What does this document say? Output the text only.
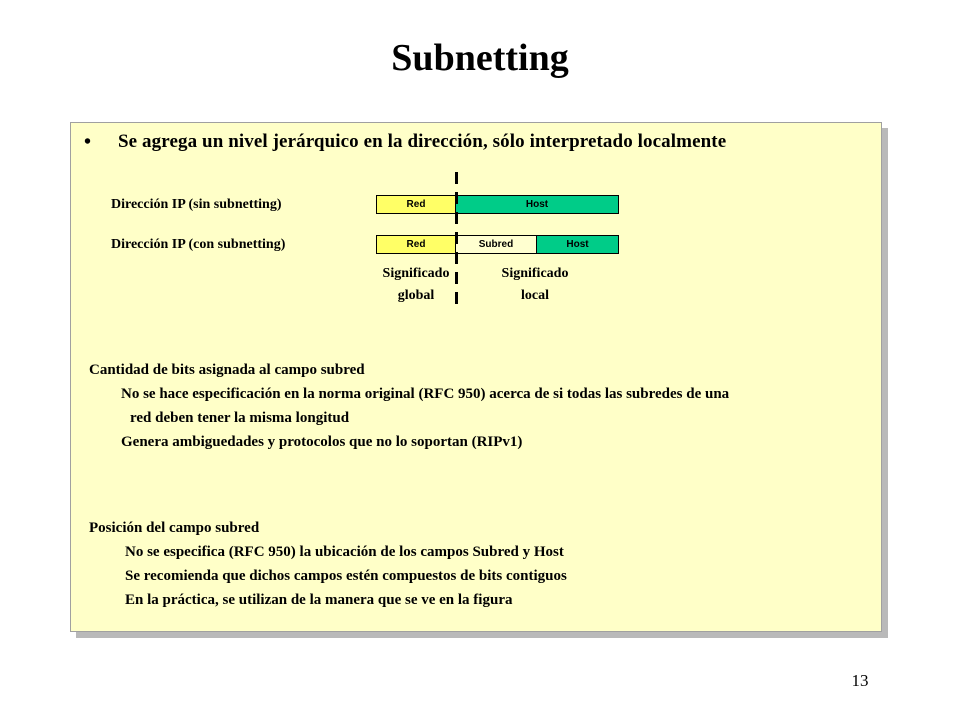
Subnetting
• Se agrega un nivel jerárquico en la dirección, sólo interpretado localmente
Dirección IP (sin subnetting)
Dirección IP (con subnetting)
Red	Host
Red	Subred	Host
Significado
global
Significado
local
Cantidad de bits asignada al campo subred
No se hace especificación en la norma original (RFC 950) acerca de si todas las subredes de una
red deben tener la misma longitud
Genera ambiguedades y protocolos que no lo soportan (RIPv1)
Posición del campo subred
No se especifica (RFC 950) la ubicación de los campos Subred y Host
Se recomienda que dichos campos estén compuestos de bits contiguos
En la práctica, se utilizan de la manera que se ve en la figura
13
